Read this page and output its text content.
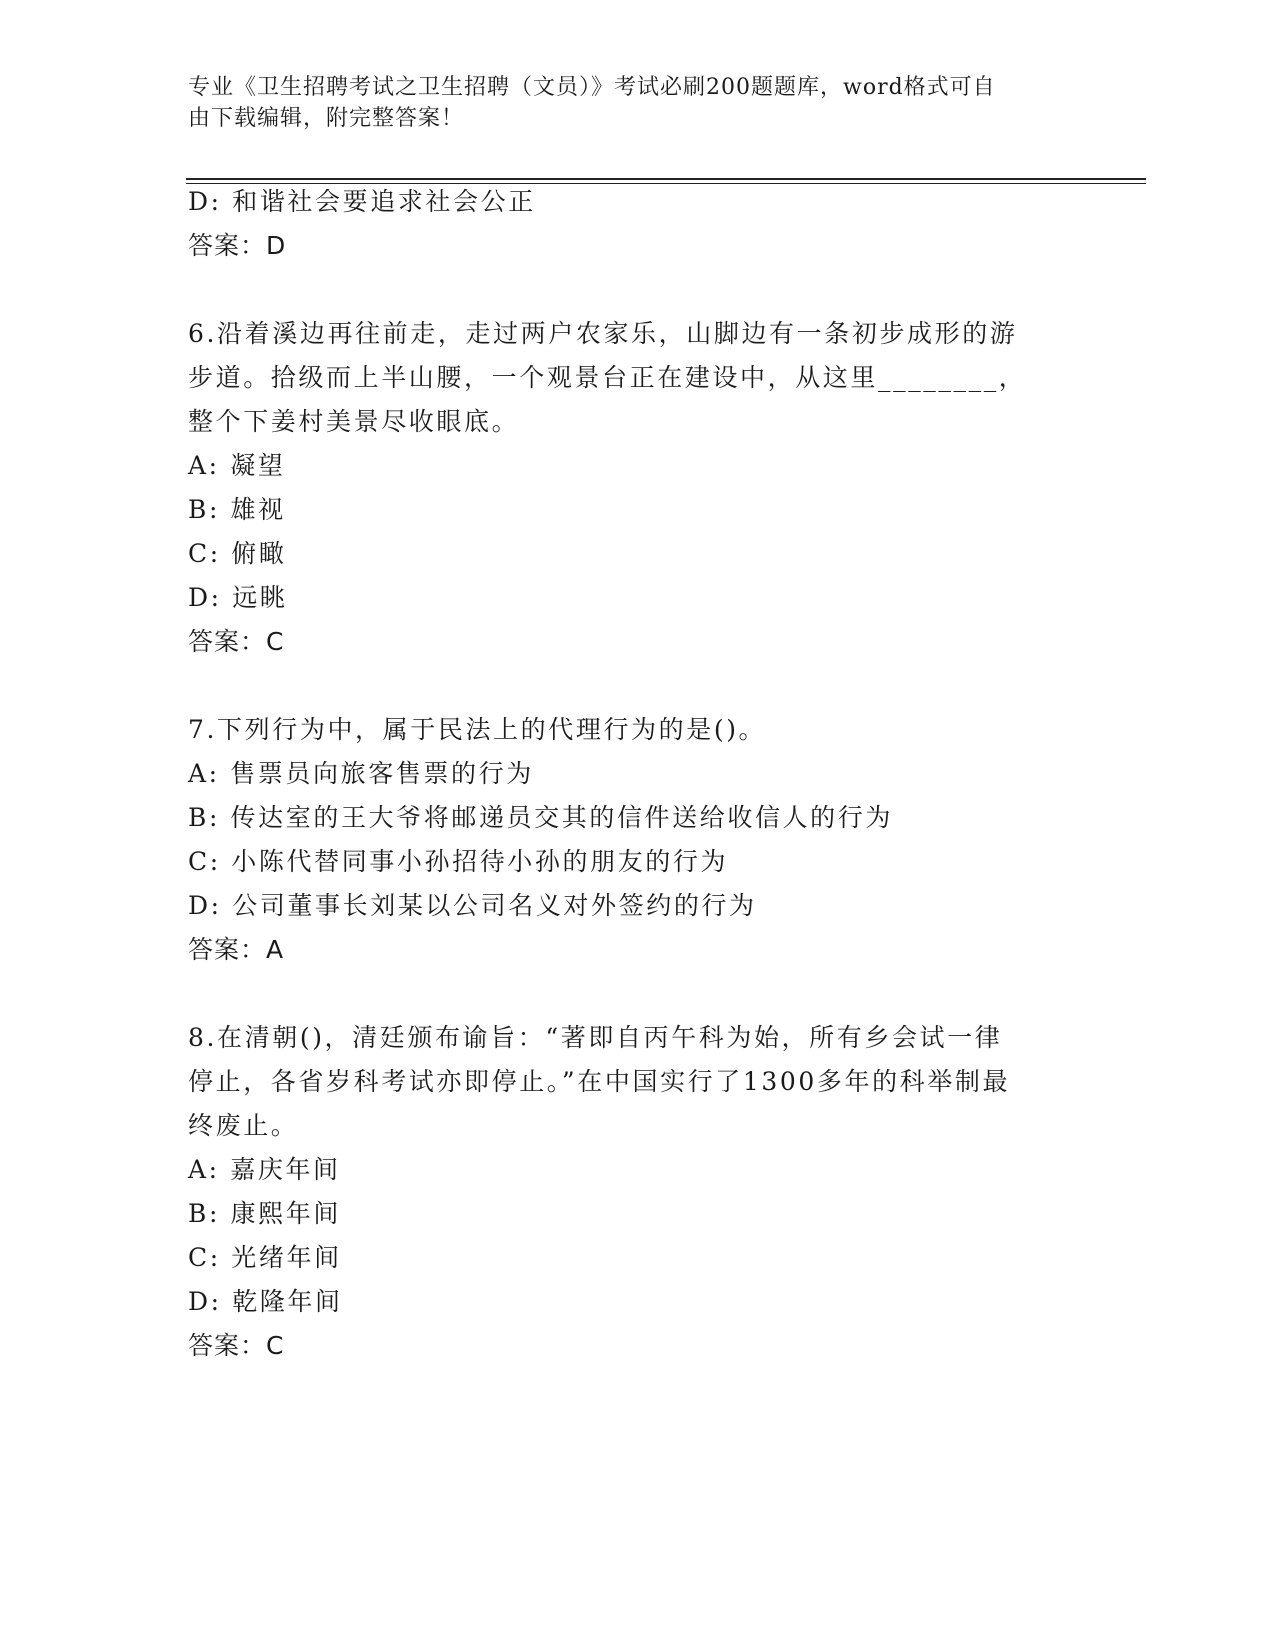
专业《卫生招聘考试之卫生招聘（文员）》考试必刷200题题库，word格式可自
由下载编辑，附完整答案！
D: 和谐社会要追求社会公正
答案：D
6.沿着溪边再往前走，走过两户农家乐，山脚边有一条初步成形的游
步道。拾级而上半山腰，一个观景台正在建设中，从这里________，
整个下姜村美景尽收眼底。
A: 凝望
B: 雄视
C: 俯瞰
D: 远眺
答案：C
7.下列行为中，属于民法上的代理行为的是()。
A: 售票员向旅客售票的行为
B: 传达室的王大爷将邮递员交其的信件送给收信人的行为
C: 小陈代替同事小孙招待小孙的朋友的行为
D: 公司董事长刘某以公司名义对外签约的行为
答案：A
8.在清朝()，清廷颁布谕旨：“著即自丙午科为始，所有乡会试一律
停止，各省岁科考试亦即停止。”在中国实行了1300多年的科举制最
终废止。
A: 嘉庆年间
B: 康熙年间
C: 光绪年间
D: 乾隆年间
答案：C
